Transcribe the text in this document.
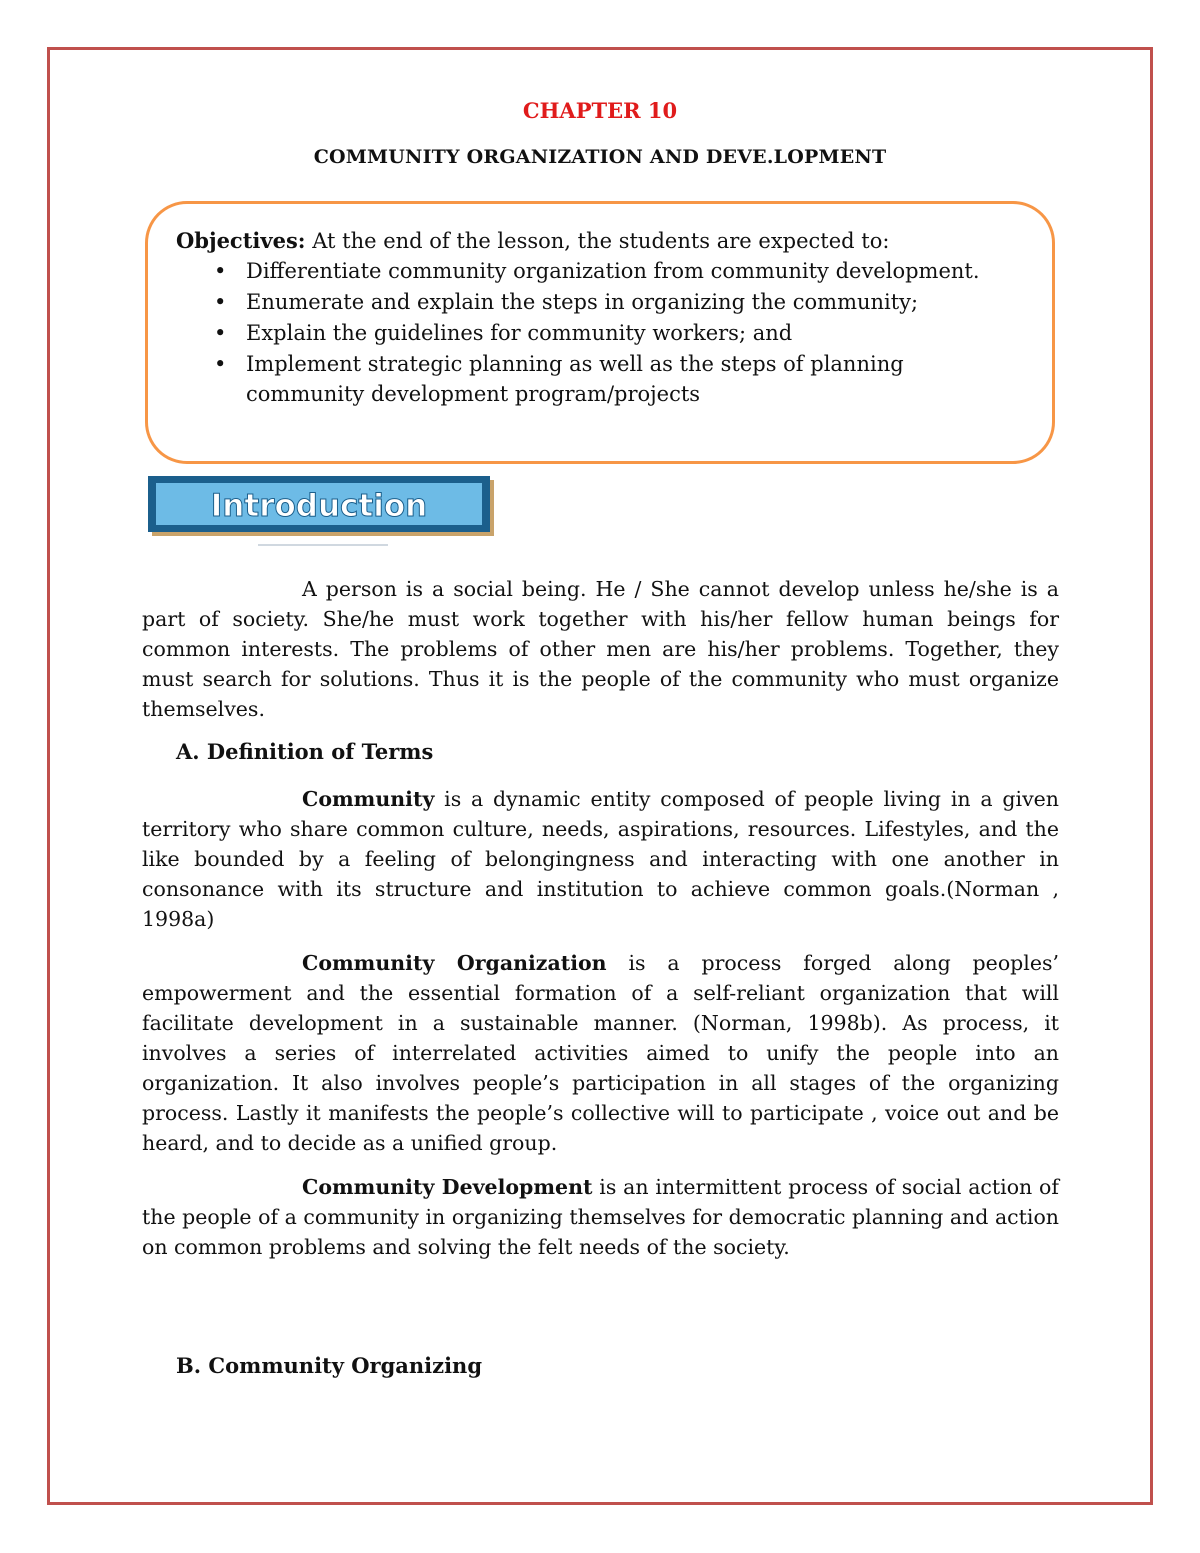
CHAPTER 10
COMMUNITY ORGANIZATION AND DEVE.LOPMENT
Objectives: At the end of the lesson, the students are expected to:
• Differentiate community organization from community development.
• Enumerate and explain the steps in organizing the community;
• Explain the guidelines for community workers; and
• Implement strategic planning as well as the steps of planning community development program/projects
Introduction

A person is a social being. He / She cannot develop unless he/she is a part of society. She/he must work together with his/her fellow human beings for common interests. The problems of other men are his/her problems. Together, they must search for solutions. Thus it is the people of the community who must organize themselves.

A. Definition of Terms

Community is a dynamic entity composed of people living in a given territory who share common culture, needs, aspirations, resources. Lifestyles, and the like bounded by a feeling of belongingness and interacting with one another in consonance with its structure and institution to achieve common goals.(Norman , 1998a)

Community Organization is a process forged along peoples’ empowerment and the essential formation of a self-reliant organization that will facilitate development in a sustainable manner. (Norman, 1998b). As process, it involves a series of interrelated activities aimed to unify the people into an organization. It also involves people’s participation in all stages of the organizing process. Lastly it manifests the people’s collective will to participate , voice out and be heard, and to decide as a unified group.

Community Development is an intermittent process of social action of the people of a community in organizing themselves for democratic planning and action on common problems and solving the felt needs of the society.

B. Community Organizing
